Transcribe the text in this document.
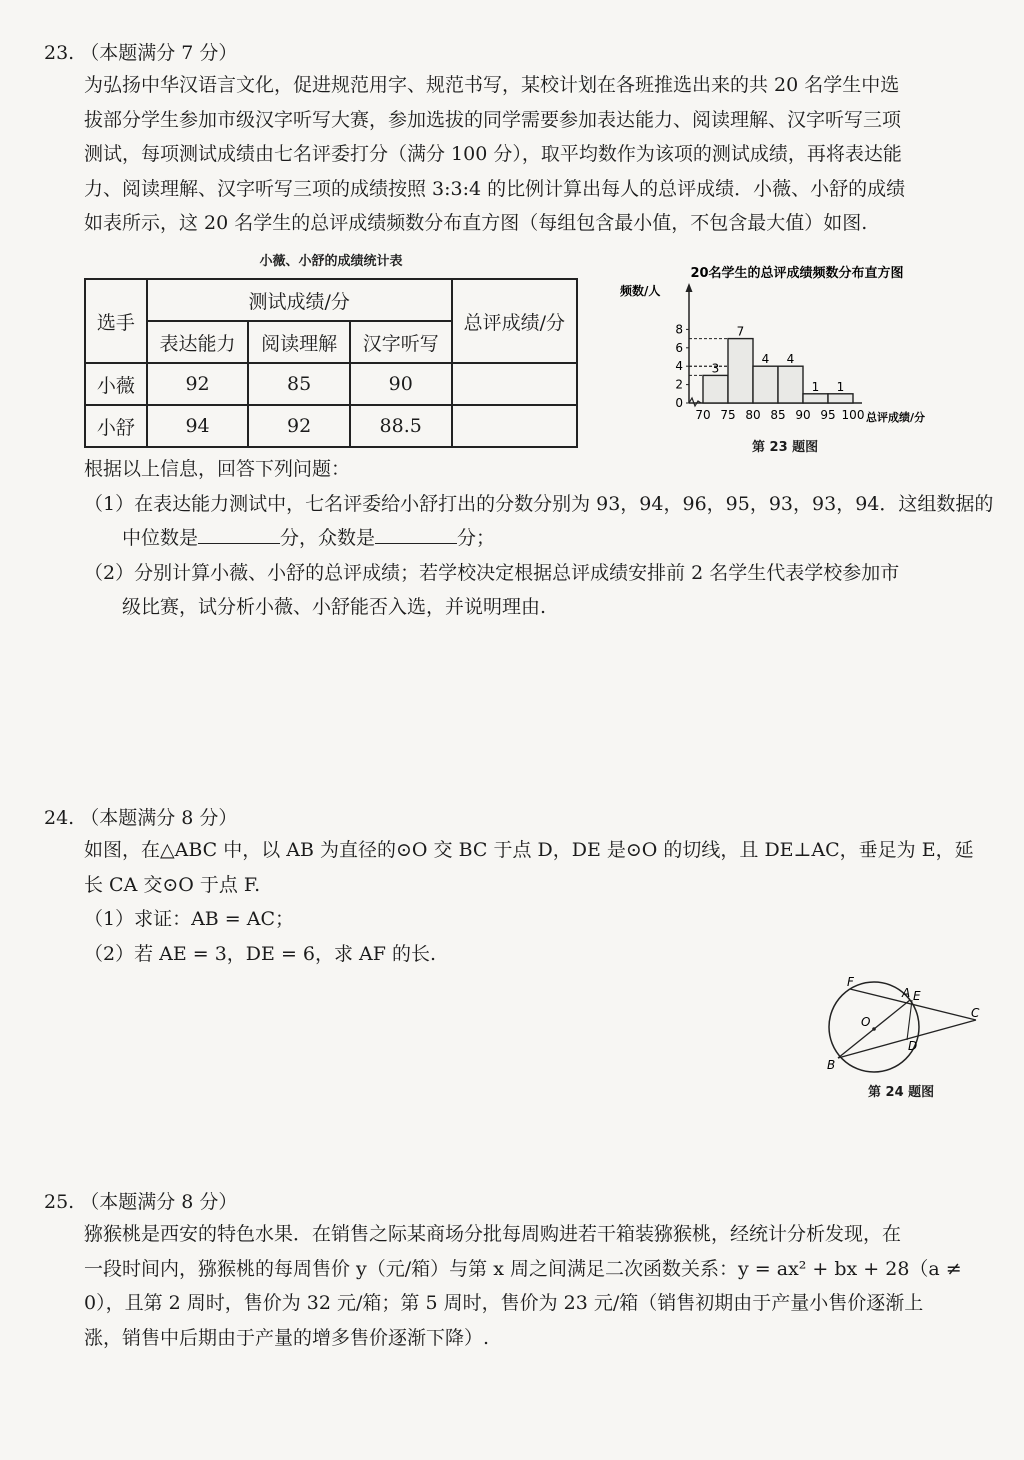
23. （本题满分 7 分）
为弘扬中华汉语言文化，促进规范用字、规范书写，某校计划在各班推选出来的共 20 名学生中选
拔部分学生参加市级汉字听写大赛，参加选拔的同学需要参加表达能力、阅读理解、汉字听写三项
测试，每项测试成绩由七名评委打分（满分 100 分），取平均数作为该项的测试成绩，再将表达能
力、阅读理解、汉字听写三项的成绩按照 3:3:4 的比例计算出每人的总评成绩．小薇、小舒的成绩
如表所示，这 20 名学生的总评成绩频数分布直方图（每组包含最小值，不包含最大值）如图.
小薇、小舒的成绩统计表
选手	测试成绩/分			总评成绩/分
	表达能力	阅读理解	汉字听写	
小薇	92	85	90	
小舒	94	92	88.5	
20名学生的总评成绩频数分布直方图
频数/人
总评成绩/分
0
2
4
6
8
70 75 80 85 90 95 100
3
7
4 4
1 1
第 23 题图
根据以上信息，回答下列问题：
（1）在表达能力测试中，七名评委给小舒打出的分数分别为 93，94，96，95，93，93，94．这组数据的
中位数是	分，众数是	分；
（2）分别计算小薇、小舒的总评成绩；若学校决定根据总评成绩安排前 2 名学生代表学校参加市
级比赛，试分析小薇、小舒能否入选，并说明理由.
24. （本题满分 8 分）
如图，在△ABC 中，以 AB 为直径的⊙O 交 BC 于点 D，DE 是⊙O 的切线，且 DE⊥AC，垂足为 E，延
长 CA 交⊙O 于点 F.
（1）求证：AB = AC；
（2）若 AE = 3，DE = 6，求 AF 的长.
F
A E
C
O
D
B
第 24 题图
25. （本题满分 8 分）
猕猴桃是西安的特色水果．在销售之际某商场分批每周购进若干箱装猕猴桃，经统计分析发现，在
一段时间内，猕猴桃的每周售价 y（元/箱）与第 x 周之间满足二次函数关系：y = ax² + bx + 28（a ≠
0），且第 2 周时，售价为 32 元/箱；第 5 周时，售价为 23 元/箱（销售初期由于产量小售价逐渐上
涨，销售中后期由于产量的增多售价逐渐下降）.
